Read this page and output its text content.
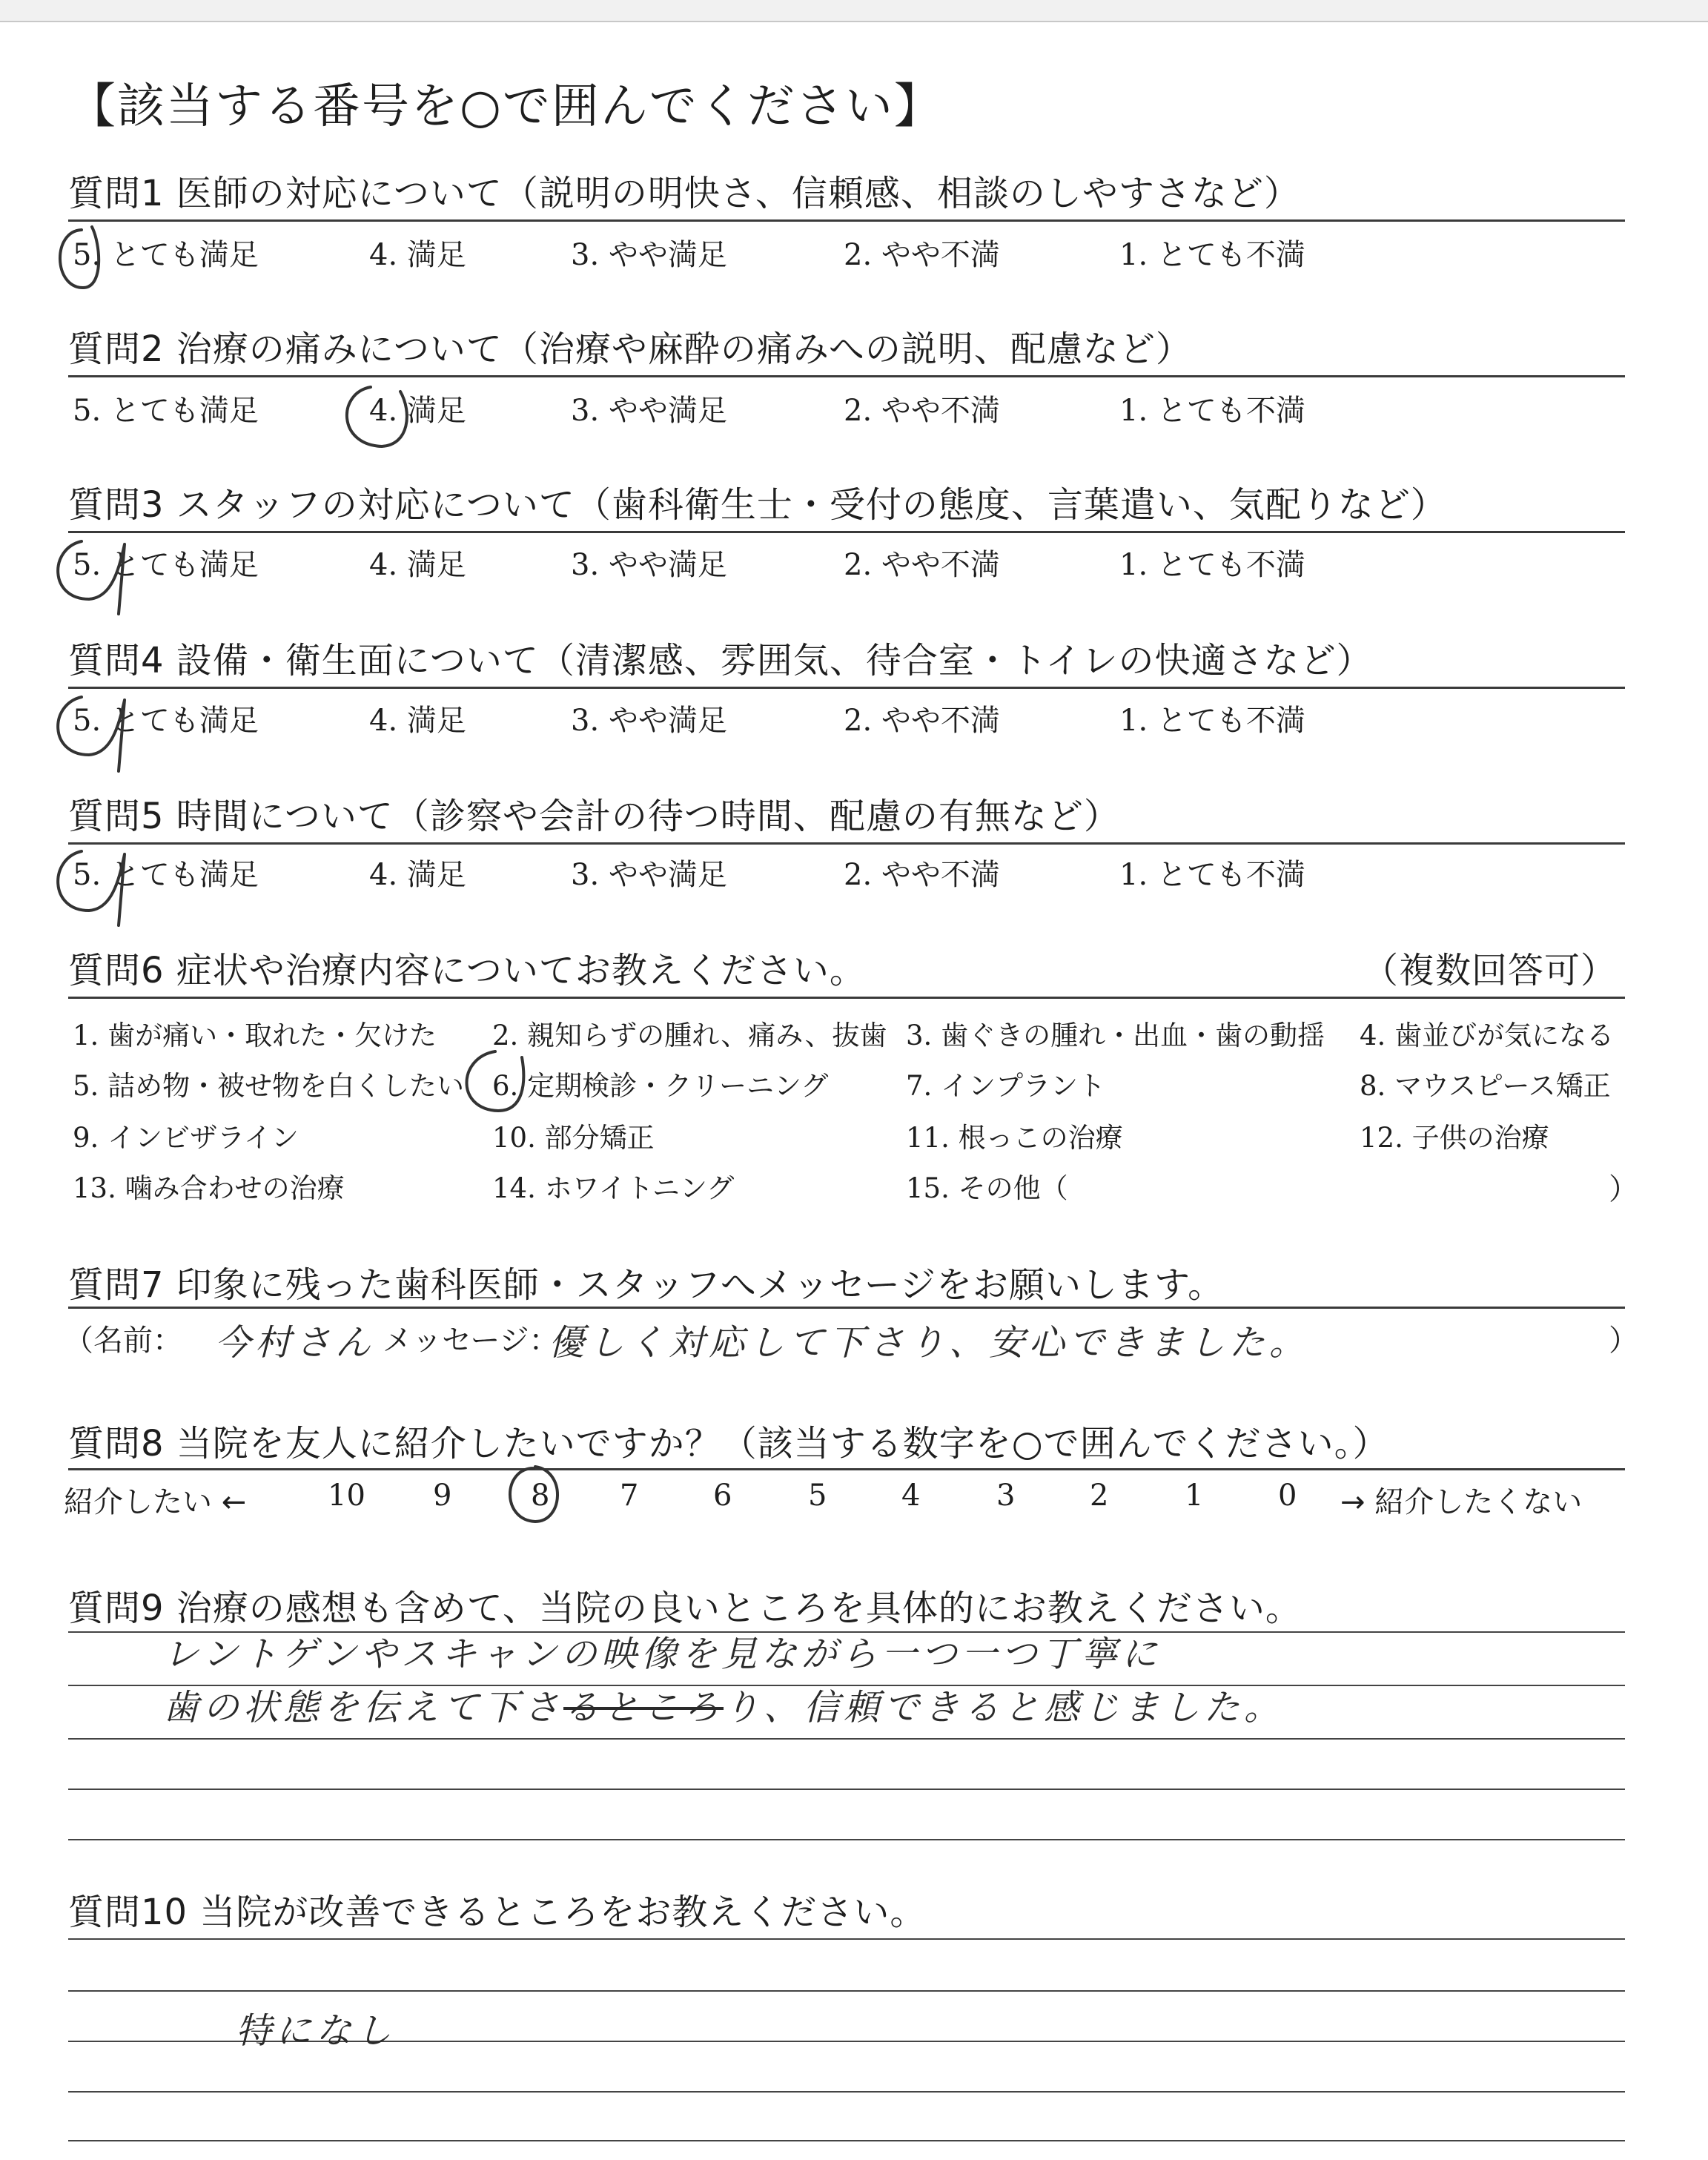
【該当する番号を○で囲んでください】
質問1 医師の対応について（説明の明快さ、信頼感、相談のしやすさなど）
5. とても満足	4. 満足	3. やや満足	2. やや不満	1. とても不満
質問2 治療の痛みについて（治療や麻酔の痛みへの説明、配慮など）
5. とても満足	4. 満足	3. やや満足	2. やや不満	1. とても不満
質問3 スタッフの対応について（歯科衛生士・受付の態度、言葉遣い、気配りなど）
5. とても満足	4. 満足	3. やや満足	2. やや不満	1. とても不満
質問4 設備・衛生面について（清潔感、雰囲気、待合室・トイレの快適さなど）
5. とても満足	4. 満足	3. やや満足	2. やや不満	1. とても不満
質問5 時間について（診察や会計の待つ時間、配慮の有無など）
5. とても満足	4. 満足	3. やや満足	2. やや不満	1. とても不満
質問6 症状や治療内容についてお教えください。	（複数回答可）
1. 歯が痛い・取れた・欠けた 2. 親知らずの腫れ、痛み、抜歯 3. 歯ぐきの腫れ・出血・歯の動揺 4. 歯並びが気になる
5. 詰め物・被せ物を白くしたい 6. 定期検診・クリーニング	7. インプラント	8. マウスピース矯正
9. インビザライン	10. 部分矯正	11. 根っこの治療	12. 子供の治療
13. 噛み合わせの治療	14. ホワイトニング	15. その他（	）
質問7 印象に残った歯科医師・スタッフへメッセージをお願いします。
（名前： 今村さん メッセージ：
優しく対応して下さり、安心できました。	）
質問8 当院を友人に紹介したいですか？（該当する数字を○で囲んでください。）
紹介したい ←	→ 紹介したくない
10 9	8 7	6	5	4	3	2	1	0
質問9 治療の感想も含めて、当院の良いところを具体的にお教えください。
レントゲンやスキャンの映像を見ながら一つ一つ丁寧に
歯の状態を伝えて下さるところり、信頼できると感じました。
質問10 当院が改善できるところをお教えください。
特になし
